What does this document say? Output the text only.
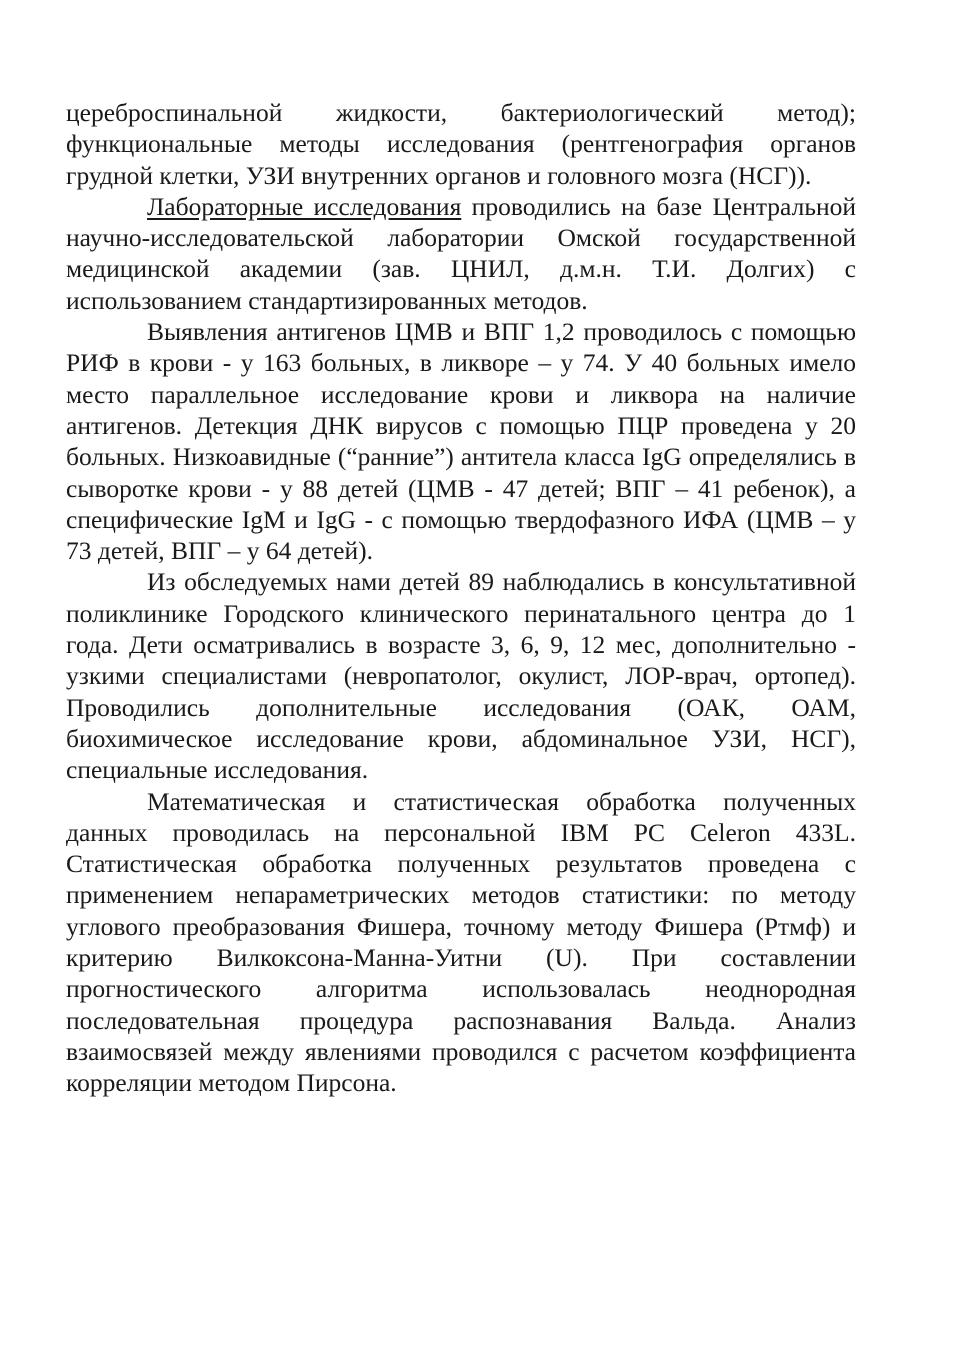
цереброспинальной жидкости, бактериологический метод); функциональные методы исследования (рентгенография органов грудной клетки, УЗИ внутренних органов и головного мозга (НСГ)).

Лабораторные исследования проводились на базе Центральной научно-исследовательской лаборатории Омской государственной медицинской академии (зав. ЦНИЛ, д.м.н. Т.И. Долгих) с использованием стандартизированных методов.

Выявления антигенов ЦМВ и ВПГ 1,2 проводилось с помощью РИФ в крови - у 163 больных, в ликворе – у 74. У 40 больных имело место параллельное исследование крови и ликвора на наличие антигенов. Детекция ДНК вирусов с помощью ПЦР проведена у 20 больных. Низкоавидные (“ранние”) антитела класса IgG определялись в сыворотке крови - у 88 детей (ЦМВ - 47 детей; ВПГ – 41 ребенок), а специфические IgM и IgG - с помощью твердофазного ИФА (ЦМВ – у 73 детей, ВПГ – у 64 детей).

Из обследуемых нами детей 89 наблюдались в консультативной поликлинике Городского клинического перинатального центра до 1 года. Дети осматривались в возрасте 3, 6, 9, 12 мес, дополнительно - узкими специалистами (невропатолог, окулист, ЛОР-врач, ортопед). Проводились дополнительные исследования (ОАК, ОАМ, биохимическое исследование крови, абдоминальное УЗИ, НСГ), специальные исследования.

Математическая и статистическая обработка полученных данных проводилась на персональной IBM PC Celeron 433L. Статистическая обработка полученных результатов проведена с применением непараметрических методов статистики: по методу углового преобразования Фишера, точному методу Фишера (Ртмф) и критерию Вилкоксона-Манна-Уитни (U). При составлении прогностического алгоритма использовалась неоднородная последовательная процедура распознавания Вальда. Анализ взаимосвязей между явлениями проводился с расчетом коэффициента корреляции методом Пирсона.
